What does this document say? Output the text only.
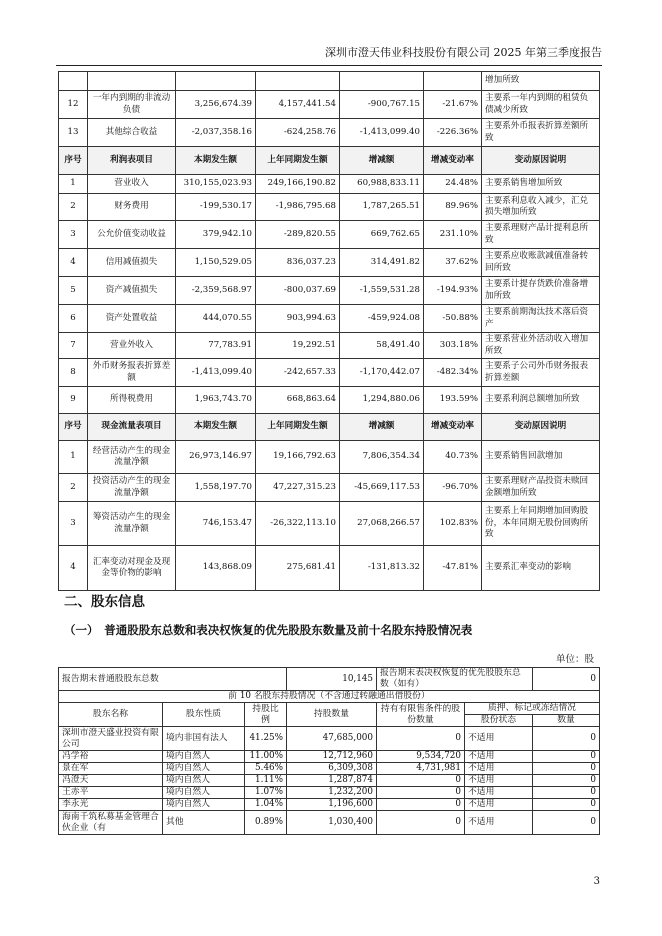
深圳市澄天伟业科技股份有限公司 2025 年第三季度报告
						增加所致
12	一年内到期的非流动负债	3,256,674.39	4,157,441.54	-900,767.15	-21.67%	主要系一年内到期的租赁负债减少所致
13	其他综合收益	-2,037,358.16	-624,258.76	-1,413,099.40	-226.36%	主要系外币报表折算差额所致
序号	利润表项目	本期发生额	上年同期发生额	增减额	增减变动率	变动原因说明
1	营业收入	310,155,023.93	249,166,190.82	60,988,833.11	24.48%	主要系销售增加所致
2	财务费用	-199,530.17	-1,986,795.68	1,787,265.51	89.96%	主要系利息收入减少，汇兑损失增加所致
3	公允价值变动收益	379,942.10	-289,820.55	669,762.65	231.10%	主要系理财产品计提利息所致
4	信用减值损失	1,150,529.05	836,037.23	314,491.82	37.62%	主要系应收账款减值准备转回所致
5	资产减值损失	-2,359,568.97	-800,037.69	-1,559,531.28	-194.93%	主要系计提存货跌价准备增加所致
6	资产处置收益	444,070.55	903,994.63	-459,924.08	-50.88%	主要系前期淘汰技术落后资产
7	营业外收入	77,783.91	19,292.51	58,491.40	303.18%	主要系营业外活动收入增加所致
8	外币财务报表折算差额	-1,413,099.40	-242,657.33	-1,170,442.07	-482.34%	主要系子公司外币财务报表折算差额
9	所得税费用	1,963,743.70	668,863.64	1,294,880.06	193.59%	主要系利润总额增加所致
序号	现金流量表项目	本期发生额	上年同期发生额	增减额	增减变动率	变动原因说明
1	经营活动产生的现金流量净额	26,973,146.97	19,166,792.63	7,806,354.34	40.73%	主要系销售回款增加
2	投资活动产生的现金流量净额	1,558,197.70	47,227,315.23	-45,669,117.53	-96.70%	主要系理财产品投资未赎回金额增加所致
3	筹资活动产生的现金流量净额	746,153.47	-26,322,113.10	27,068,266.57	102.83%	主要系上年同期增加回购股份，本年同期无股份回购所致
4	汇率变动对现金及现金等价物的影响	143,868.09	275,681.41	-131,813.32	-47.81%	主要系汇率变动的影响
二、股东信息
（一）　普通股股东总数和表决权恢复的优先股股东数量及前十名股东持股情况表
单位：股
报告期末普通股股东总数			10,145	报告期末表决权恢复的优先股股东总数（如有）		0
前 10 名股东持股情况（不含通过转融通出借股份）						
股东名称	股东性质	持股比例	持股数量	持有有限售条件的股份数量	质押、标记或冻结情况	
					股份状态	数量
深圳市澄天盛业投资有限公司	境内非国有法人	41.25%	47,685,000	0	不适用	0
冯学裕	境内自然人	11.00%	12,712,960	9,534,720	不适用	0
景在军	境内自然人	5.46%	6,309,308	4,731,981	不适用	0
冯澄天	境内自然人	1.11%	1,287,874	0	不适用	0
王赤平	境内自然人	1.07%	1,232,200	0	不适用	0
李永光	境内自然人	1.04%	1,196,600	0	不适用	0
海南千筑私募基金管理合伙企业（有	其他	0.89%	1,030,400	0	不适用	0
3
